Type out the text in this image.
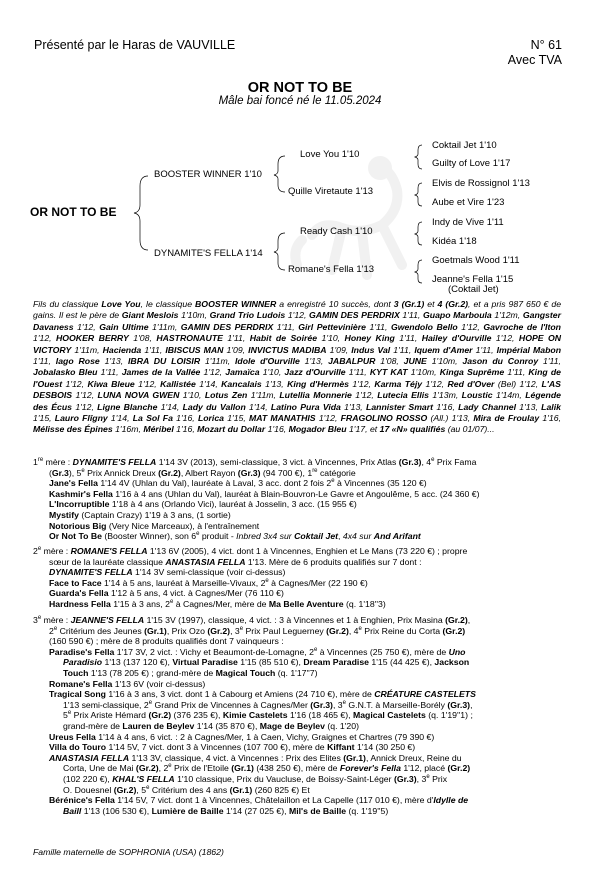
Présenté par le Haras de VAUVILLE	N° 61
Avec TVA
OR NOT TO BE
Mâle bai foncé né le 11.05.2024
BOOSTER WINNER 1'10
DYNAMITE'S FELLA 1'14
Love You 1'10
Quille Viretaute 1'13
Ready Cash 1'10
Romane's Fella 1'13
Coktail Jet 1'10
Guilty of Love 1'17
Elvis de Rossignol 1'13
Aube et Vire 1'23
Indy de Vive 1'11
Kidéa 1'18
Goetmals Wood 1'11
Jeanne's Fella 1'15
(Coktail Jet)
OR NOT TO BE
Fils du classique Love You, le classique BOOSTER WINNER a enregistré 10 succès, dont 3 (Gr.1) et 4 (Gr.2), et a pris 987 650 € de gains. Il est le père de Giant Meslois 1'10m, Grand Trio Ludois 1'12, GAMIN DES PERDRIX 1'11, Guapo Marboula 1'12m, Gangster Davaness 1'12, Gain Ultime 1'11m, GAMIN DES PERDRIX 1'11, Girl Pettevinière 1'11, Gwendolo Bello 1'12, Gavroche de l'Iton 1'12, HOOKER BERRY 1'08, HASTRONAUTE 1'11, Habit de Soirée 1'10, Honey King 1'11, Hailey d'Ourville 1'12, HOPE ON VICTORY 1'11m, Hacienda 1'11, IBISCUS MAN 1'09, INVICTUS MADIBA 1'09, Indus Val 1'11, Iquem d'Amer 1'11, Impérial Mabon 1'11, Iago Rose 1'13, IBRA DU LOISIR 1'11m, Idole d'Ourville 1'13, JABALPUR 1'08, JUNE 1'10m, Jason du Conroy 1'11, Jobalasko Bleu 1'11, James de la Vallée 1'12, Jamaïca 1'10, Jazz d'Ourville 1'11, KYT KAT 1'10m, Kinga Suprême 1'11, King de l'Ouest 1'12, Kiwa Bleue 1'12, Kallistée 1'14, Kancalais 1'13, King d'Hermès 1'12, Karma Téjy 1'12, Red d'Over (Bel) 1'12, L'AS DESBOIS 1'12, LUNA NOVA GWEN 1'10, Lotus Zen 1'11m, Lutellia Monnerie 1'12, Lutecia Ellis 1'13m, Loustic 1'14m, Légende des Écus 1'12, Ligne Blanche 1'14, Lady du Vallon 1'14, Latino Pura Vida 1'13, Lannister Smart 1'16, Lady Channel 1'13, Lalik 1'15, Lauro Flîgny 1'14, La Sol Fa 1'16, Lorica 1'15, MAT MANATHIS 1'12, FRAGOLINO ROSSO (All.) 1'13, Mira de Froulay 1'16, Mélisse des Épines 1'16m, Méribel 1'16, Mozart du Dollar 1'16, Mogador Bleu 1'17, et 17 «N» qualifiés (au 01/07)...

1re mère : DYNAMITE'S FELLA 1'14 3V (2013), semi-classique, 3 vict. à Vincennes, Prix Atlas (Gr.3), 4e Prix Fama

(Gr.3), 5e Prix Annick Dreux (Gr.2), Albert Rayon (Gr.3) (94 700 €), 1re catégorie

Jane's Fella 1'14 4V (Uhlan du Val), lauréate à Laval, 3 acc. dont 2 fois 2e à Vincennes (35 120 €)

Kashmir's Fella 1'16 à 4 ans (Uhlan du Val), lauréat à Blain-Bouvron-Le Gavre et Angoulême, 5 acc. (24 360 €)

L'Incorruptible 1'18 à 4 ans (Orlando Vici), lauréat à Josselin, 3 acc. (15 955 €)

Mystify (Captain Crazy) 1'19 à 3 ans, (1 sortie)

Notorious Big (Very Nice Marceaux), à l'entraînement

Or Not To Be (Booster Winner), son 6e produit - Inbred 3x4 sur Coktail Jet, 4x4 sur And Arifant

2e mère : ROMANE'S FELLA 1'13 6V (2005), 4 vict. dont 1 à Vincennes, Enghien et Le Mans (73 220 €) ; propre

sœur de la lauréate classique ANASTASIA FELLA 1'13. Mère de 6 produits qualifiés sur 7 dont :

DYNAMITE'S FELLA 1'14 3V semi-classique (voir ci-dessus)

Face to Face 1'14 à 5 ans, lauréat à Marseille-Vivaux, 2e à Cagnes/Mer (22 190 €)

Guarda's Fella 1'12 à 5 ans, 4 vict. à Cagnes/Mer (76 110 €)

Hardness Fella 1'15 à 3 ans, 2e à Cagnes/Mer, mère de Ma Belle Aventure (q. 1'18''3)

3e mère : JEANNE'S FELLA 1'15 3V (1997), classique, 4 vict. : 3 à Vincennes et 1 à Enghien, Prix Masina (Gr.2),

2e Critérium des Jeunes (Gr.1), Prix Ozo (Gr.2), 3e Prix Paul Leguerney (Gr.2), 4e Prix Reine du Corta (Gr.2)

(160 590 €) ; mère de 8 produits qualifiés dont 7 vainqueurs :

Paradise's Fella 1'17 3V, 2 vict. : Vichy et Beaumont-de-Lomagne, 2e à Vincennes (25 750 €), mère de Uno

Paradisio 1'13 (137 120 €), Virtual Paradise 1'15 (85 510 €), Dream Paradise 1'15 (44 425 €), Jackson

Touch 1'13 (78 205 €) ; grand-mère de Magical Touch (q. 1'17''7)

Romane's Fella 1'13 6V (voir ci-dessus)

Tragical Song 1'16 à 3 ans, 3 vict. dont 1 à Cabourg et Amiens (24 710 €), mère de CRÉATURE CASTELETS

1'13 semi-classique, 2e Grand Prix de Vincennes à Cagnes/Mer (Gr.3), 3e G.N.T. à Marseille-Borély (Gr.3),

5e Prix Ariste Hémard (Gr.2) (376 235 €), Kimie Castelets 1'16 (18 465 €), Magical Castelets (q. 1'19''1) ;

grand-mère de Lauren de Beylev 1'14 (35 870 €), Mage de Beylev (q. 1'20)

Ureus Fella 1'14 à 4 ans, 6 vict. : 2 à Cagnes/Mer, 1 à Caen, Vichy, Graignes et Chartres (79 390 €)

Villa do Touro 1'14 5V, 7 vict. dont 3 à Vincennes (107 700 €), mère de Kiffant 1'14 (30 250 €)

ANASTASIA FELLA 1'13 3V, classique, 4 vict. à Vincennes : Prix des Elites (Gr.1), Annick Dreux, Reine du

Corta, Une de Mai (Gr.2), 2e Prix de l'Etoile (Gr.1) (438 250 €), mère de Forever's Fella 1'12, placé (Gr.2)

(102 220 €), KHAL'S FELLA 1'10 classique, Prix du Vaucluse, de Boissy-Saint-Léger (Gr.3), 3e Prix

O. Douesnel (Gr.2), 5e Critérium des 4 ans (Gr.1) (260 825 €) Et

Bérénice's Fella 1'14 5V, 7 vict. dont 1 à Vincennes, Châtelaillon et La Capelle (117 010 €), mère d'Idylle de

Baill 1'13 (106 530 €), Lumière de Baille 1'14 (27 025 €), Mil's de Baille (q. 1'19''5)

Famille maternelle de SOPHRONIA (USA) (1862)
